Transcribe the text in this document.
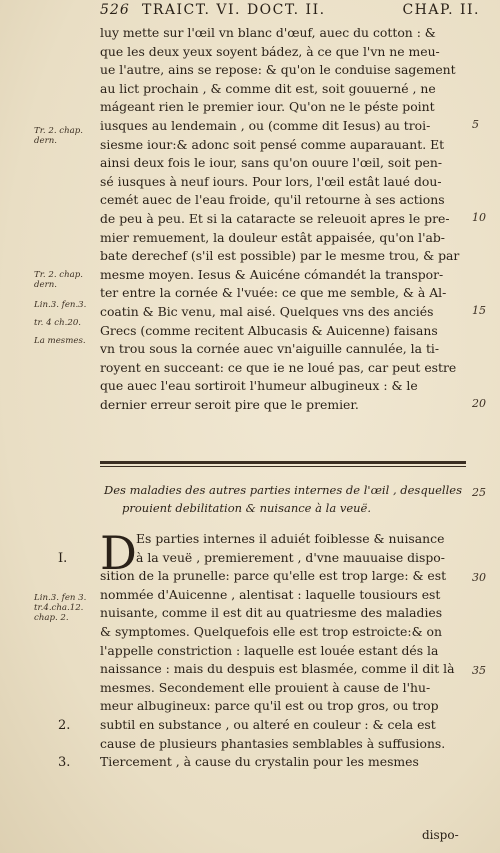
526 TRAICT. VI. DOCT. II.	CHAP. II.
luy mette sur l'œil vn blanc d'œuf, auec du cotton : &
que les deux yeux soyent bádez, à ce que l'vn ne meu-
ue l'autre, ains se repose: & qu'on le conduise sagement
au lict prochain , & comme dit est, soit gouuerné , ne
mágeant rien le premier iour. Qu'on ne le péste point
iusques au lendemain , ou (comme dit Iesus) au troi-
siesme iour:& adonc soit pensé comme auparauant. Et
ainsi deux fois le iour, sans qu'on ouure l'œil, soit pen-
sé iusques à neuf iours. Pour lors, l'œil estât laué dou-
cemét auec de l'eau froide, qu'il retourne à ses actions
de peu à peu. Et si la cataracte se releuoit apres le pre-
mier remuement, la douleur estât appaisée, qu'on l'ab-
bate derechef (s'il est possible) par le mesme trou, & par
mesme moyen. Iesus & Auicéne cómandét la transpor-
ter entre la cornée & l'vuée: ce que me semble, & à Al-
coatin & Bic venu, mal aisé. Quelques vns des anciés
Grecs (comme recitent Albucasis & Auicenne) faisans
vn trou sous la cornée auec vn'aiguille cannulée, la ti-
royent en succeant: ce que ie ne loué pas, car peut estre
que auec l'eau sortiroit l'humeur albugineux : & le
dernier erreur seroit pire que le premier.
Tr. 2. chap.
dern.
Tr. 2. chap.
dern.
Lin.3. fen.3.
tr. 4 ch.20.
La mesmes.
5
10
15
20
25
30
35
Des maladies des autres parties internes de l'œil , desquelles
prouient debilitation & nuisance à la veuë.
D Es parties internes il aduiét foiblesse & nuisance
à la veuë , premierement , d'vne mauuaise dispo-
sition de la prunelle: parce qu'elle est trop large: & est
nommée d'Auicenne , alentisat : laquelle tousiours est
nuisante, comme il est dit au quatriesme des maladies
& symptomes. Quelquefois elle est trop estroicte:& on
l'appelle constriction : laquelle est louée estant dés la
naissance : mais du despuis est blasmée, comme il dit là
mesmes. Secondement elle prouient à cause de l'hu-
meur albugineux: parce qu'il est ou trop gros, ou trop
subtil en substance , ou alteré en couleur : & cela est
cause de plusieurs phantasies semblables à suffusions.
Tiercement , à cause du crystalin pour les mesmes
I.
2.
3.
Lin.3. fen 3.
tr.4.cha.12.
chap. 2.
dispo-
